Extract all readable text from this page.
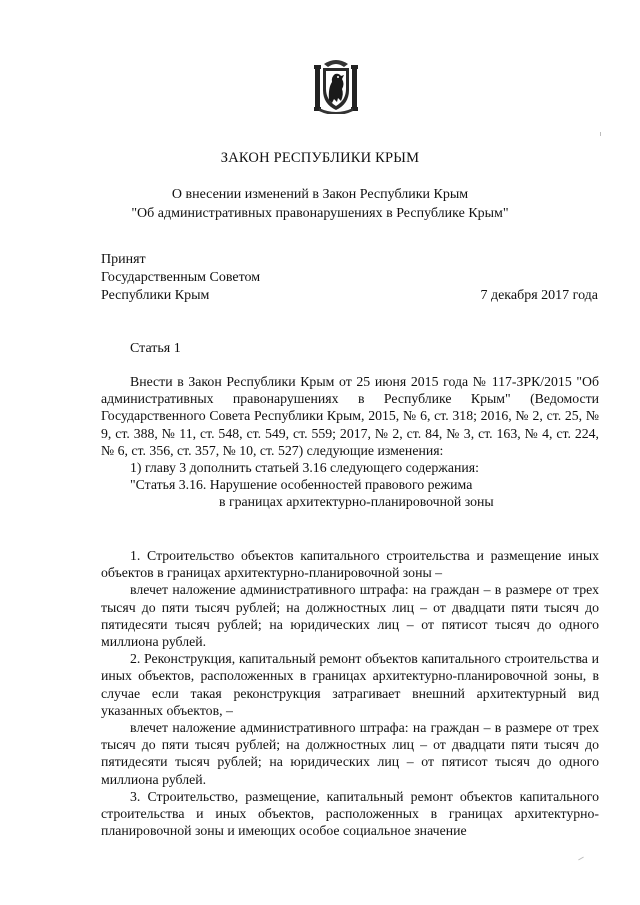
ЗАКОН РЕСПУБЛИКИ КРЫМ
О внесении изменений в Закон Республики Крым
"Об административных правонарушениях в Республике Крым"
Принят
Государственным Советом
Республики Крым	7 декабря 2017 года
Статья 1

Внести в Закон Республики Крым от 25 июня 2015 года № 117-ЗРК/2015 "Об административных правонарушениях в Республике Крым" (Ведомости Государственного Совета Республики Крым, 2015, № 6, ст. 318; 2016, № 2, ст. 25, № 9, ст. 388, № 11, ст. 548, ст. 549, ст. 559; 2017, № 2, ст. 84, № 3, ст. 163, № 4, ст. 224, № 6, ст. 356, ст. 357, № 10, ст. 527) следующие изменения:

1) главу 3 дополнить статьей 3.16 следующего содержания:

"Статья 3.16. Нарушение особенностей правового режима

в границах архитектурно-планировочной зоны

1. Строительство объектов капитального строительства и размещение иных объектов в границах архитектурно-планировочной зоны –

влечет наложение административного штрафа: на граждан – в размере от трех тысяч до пяти тысяч рублей; на должностных лиц – от двадцати пяти тысяч до пятидесяти тысяч рублей; на юридических лиц – от пятисот тысяч до одного миллиона рублей.

2. Реконструкция, капитальный ремонт объектов капитального строительства и иных объектов, расположенных в границах архитектурно-планировочной зоны, в случае если такая реконструкция затрагивает внешний архитектурный вид указанных объектов, –

влечет наложение административного штрафа: на граждан – в размере от трех тысяч до пяти тысяч рублей; на должностных лиц – от двадцати пяти тысяч до пятидесяти тысяч рублей; на юридических лиц – от пятисот тысяч до одного миллиона рублей.

3. Строительство, размещение, капитальный ремонт объектов капитального строительства и иных объектов, расположенных в границах архитектурно-планировочной зоны и имеющих особое социальное значение
